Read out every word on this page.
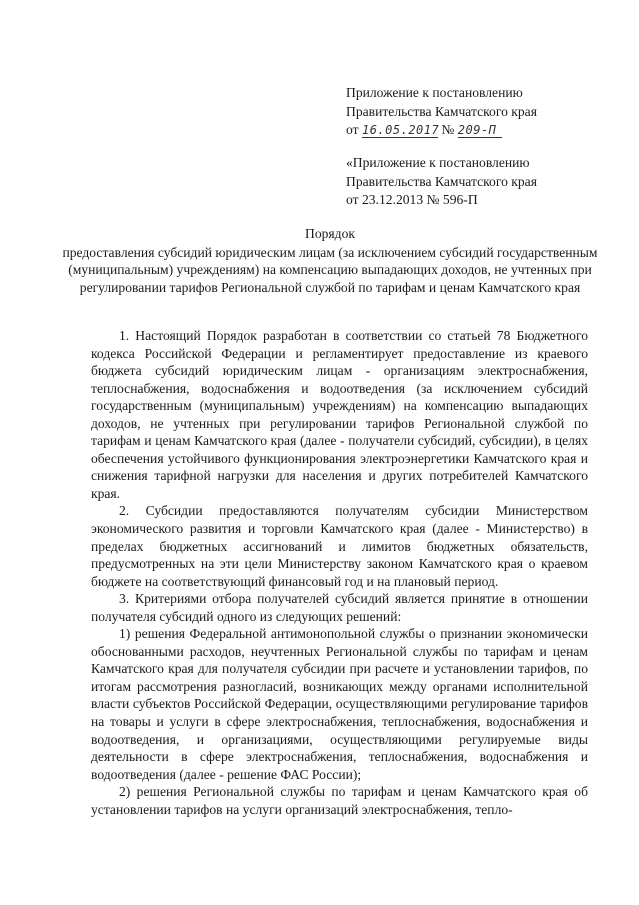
Приложение к постановлению
Правительства Камчатского края
от 16.05.2017 № 209-П
«Приложение к постановлению
Правительства Камчатского края
от 23.12.2013 № 596-П
Порядок
предоставления субсидий юридическим лицам (за исключением субсидий государственным (муниципальным) учреждениям) на компенсацию выпадающих доходов, не учтенных при регулировании тарифов Региональной службой по тарифам и ценам Камчатского края

1. Настоящий Порядок разработан в соответствии со статьей 78 Бюджетного кодекса Российской Федерации и регламентирует предоставление из краевого бюджета субсидий юридическим лицам - организациям электроснабжения, теплоснабжения, водоснабжения и водоотведения (за исключением субсидий государственным (муниципальным) учреждениям) на компенсацию выпадающих доходов, не учтенных при регулировании тарифов Региональной службой по тарифам и ценам Камчатского края (далее - получатели субсидий, субсидии), в целях обеспечения устойчивого функционирования электроэнергетики Камчатского края и снижения тарифной нагрузки для населения и других потребителей Камчатского края.

2. Субсидии предоставляются получателям субсидии Министерством экономического развития и торговли Камчатского края (далее - Министерство) в пределах бюджетных ассигнований и лимитов бюджетных обязательств, предусмотренных на эти цели Министерству законом Камчатского края о краевом бюджете на соответствующий финансовый год и на плановый период.

3. Критериями отбора получателей субсидий является принятие в отношении получателя субсидий одного из следующих решений:

1) решения Федеральной антимонопольной службы о признании экономически обоснованными расходов, неучтенных Региональной службы по тарифам и ценам Камчатского края для получателя субсидии при расчете и установлении тарифов, по итогам рассмотрения разногласий, возникающих между органами исполнительной власти субъектов Российской Федерации, осуществляющими регулирование тарифов на товары и услуги в сфере электроснабжения, теплоснабжения, водоснабжения и водоотведения, и организациями, осуществляющими регулируемые виды деятельности в сфере электроснабжения, теплоснабжения, водоснабжения и водоотведения (далее - решение ФАС России);

2) решения Региональной службы по тарифам и ценам Камчатского края об установлении тарифов на услуги организаций электроснабжения, тепло-
